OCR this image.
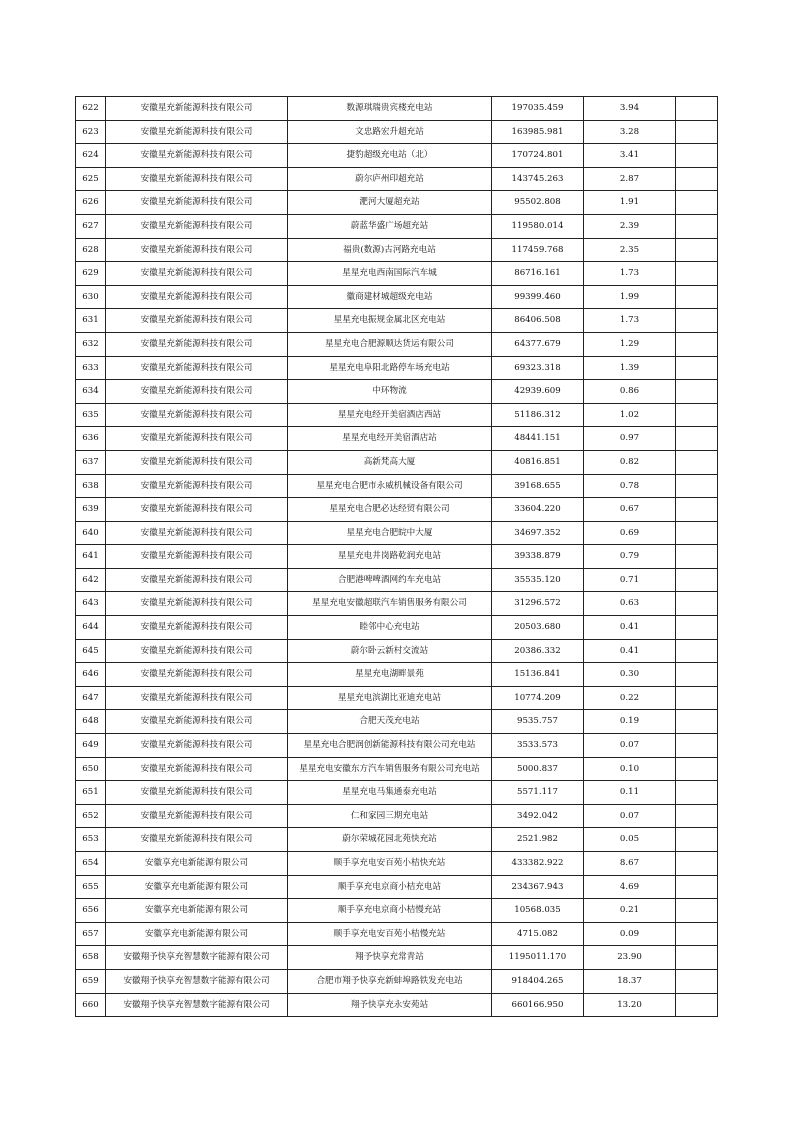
622	安徽星充新能源科技有限公司	数源琪瑞贵宾楼充电站	197035.459	3.94	
623	安徽星充新能源科技有限公司	文忠路宏升超充站	163985.981	3.28	
624	安徽星充新能源科技有限公司	捷豹超级充电站（北）	170724.801	3.41	
625	安徽星充新能源科技有限公司	蔚尔庐州印超充站	143745.263	2.87	
626	安徽星充新能源科技有限公司	淝河大厦超充站	95502.808	1.91	
627	安徽星充新能源科技有限公司	蔚蓝华盛广场超充站	119580.014	2.39	
628	安徽星充新能源科技有限公司	福贵(数源)古河路充电站	117459.768	2.35	
629	安徽星充新能源科技有限公司	星星充电西南国际汽车城	86716.161	1.73	
630	安徽星充新能源科技有限公司	徽商建材城超级充电站	99399.460	1.99	
631	安徽星充新能源科技有限公司	星星充电振规金属北区充电站	86406.508	1.73	
632	安徽星充新能源科技有限公司	星星充电合肥源顺达货运有限公司	64377.679	1.29	
633	安徽星充新能源科技有限公司	星星充电阜阳北路停车场充电站	69323.318	1.39	
634	安徽星充新能源科技有限公司	中环物流	42939.609	0.86	
635	安徽星充新能源科技有限公司	星星充电经开美宿酒店西站	51186.312	1.02	
636	安徽星充新能源科技有限公司	星星充电经开美宿酒店站	48441.151	0.97	
637	安徽星充新能源科技有限公司	高新梵高大厦	40816.851	0.82	
638	安徽星充新能源科技有限公司	星星充电合肥市永威机械设备有限公司	39168.655	0.78	
639	安徽星充新能源科技有限公司	星星充电合肥必达经贸有限公司	33604.220	0.67	
640	安徽星充新能源科技有限公司	星星充电合肥皖中大厦	34697.352	0.69	
641	安徽星充新能源科技有限公司	星星充电井岗路乾润充电站	39338.879	0.79	
642	安徽星充新能源科技有限公司	合肥港啤啤酒网约车充电站	35535.120	0.71	
643	安徽星充新能源科技有限公司	星星充电安徽超联汽车销售服务有限公司	31296.572	0.63	
644	安徽星充新能源科技有限公司	睦邻中心充电站	20503.680	0.41	
645	安徽星充新能源科技有限公司	蔚尔卧云新村交流站	20386.332	0.41	
646	安徽星充新能源科技有限公司	星星充电湖畔景苑	15136.841	0.30	
647	安徽星充新能源科技有限公司	星星充电滨湖比亚迪充电站	10774.209	0.22	
648	安徽星充新能源科技有限公司	合肥天茂充电站	9535.757	0.19	
649	安徽星充新能源科技有限公司	星星充电合肥润创新能源科技有限公司充电站	3533.573	0.07	
650	安徽星充新能源科技有限公司	星星充电安徽东方汽车销售服务有限公司充电站	5000.837	0.10	
651	安徽星充新能源科技有限公司	星星充电马集通泰充电站	5571.117	0.11	
652	安徽星充新能源科技有限公司	仁和家园三期充电站	3492.042	0.07	
653	安徽星充新能源科技有限公司	蔚尔荣城花园北苑快充站	2521.982	0.05	
654	安徽享充电新能源有限公司	顺手享充电安百苑小桔快充站	433382.922	8.67	
655	安徽享充电新能源有限公司	顺手享充电京商小桔充电站	234367.943	4.69	
656	安徽享充电新能源有限公司	顺手享充电京商小桔慢充站	10568.035	0.21	
657	安徽享充电新能源有限公司	顺手享充电安百苑小桔慢充站	4715.082	0.09	
658	安徽翔予快享充智慧数字能源有限公司	翔予快享充常青站	1195011.170	23.90	
659	安徽翔予快享充智慧数字能源有限公司	合肥市翔予快享充新蚌埠路铁发充电站	918404.265	18.37	
660	安徽翔予快享充智慧数字能源有限公司	翔予快享充永安苑站	660166.950	13.20	
